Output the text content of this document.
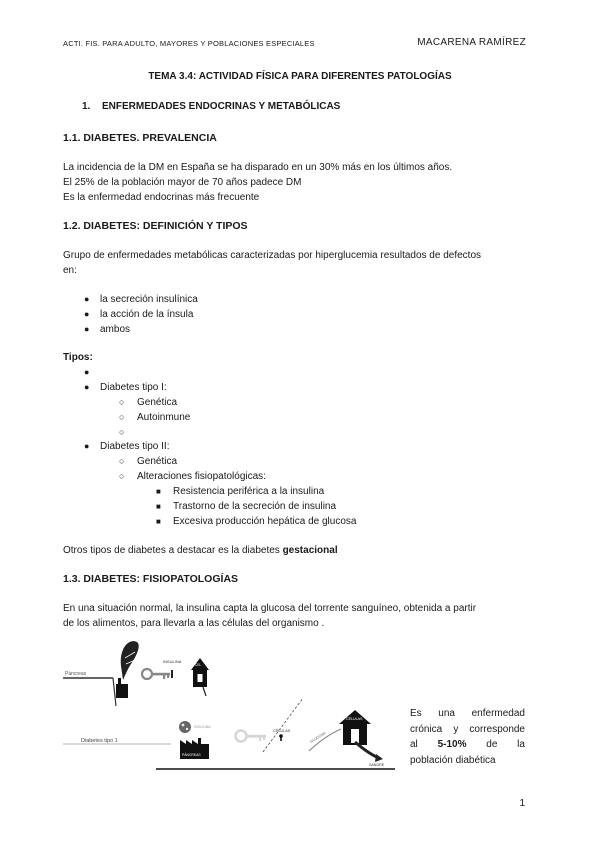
ACTI. FIS. PARA ADULTO, MAYORES Y POBLACIONES ESPECIALES	MACARENA RAMÍREZ
TEMA 3.4: ACTIVIDAD FÍSICA PARA DIFERENTES PATOLOGÍAS
1. ENFERMEDADES ENDOCRINAS Y METABÓLICAS
1.1. DIABETES. PREVALENCIA
La incidencia de la DM en España se ha disparado en un 30% más en los últimos años.
El 25% de la población mayor de 70 años padece DM
Es la enfermedad endocrinas más frecuente
1.2. DIABETES: DEFINICIÓN Y TIPOS
Grupo de enfermedades metabólicas caracterizadas por hiperglucemia resultados de defectos
en:
● la secreción insulínica
● la acción de la ínsula
● ambos
Tipos:
●
● Diabetes tipo I:
○ Genética
○ Autoinmune
○
● Diabetes tipo II:
○ Genética
○ Alteraciones fisiopatológicas:
■ Resistencia periférica a la insulina
■ Trastorno de la secreción de insulina
■ Excesiva producción hepática de glucosa
Otros tipos de diabetes a destacar es la diabetes gestacional
1.3. DIABETES: FISIOPATOLOGÍAS
En una situación normal, la insulina capta la glucosa del torrente sanguíneo, obtenida a partir
de los alimentos, para llevarla a las células del organismo .
Páncreas
INSULINA
CEL
Diabetes tipo 1
INSULINA
PÁNCREAS
CÉLULAS
GLUCOSA
CÉLULAS
SANGRE
Es una enfermedad
crónica y corresponde
al 5-10% de la
población diabética
1
